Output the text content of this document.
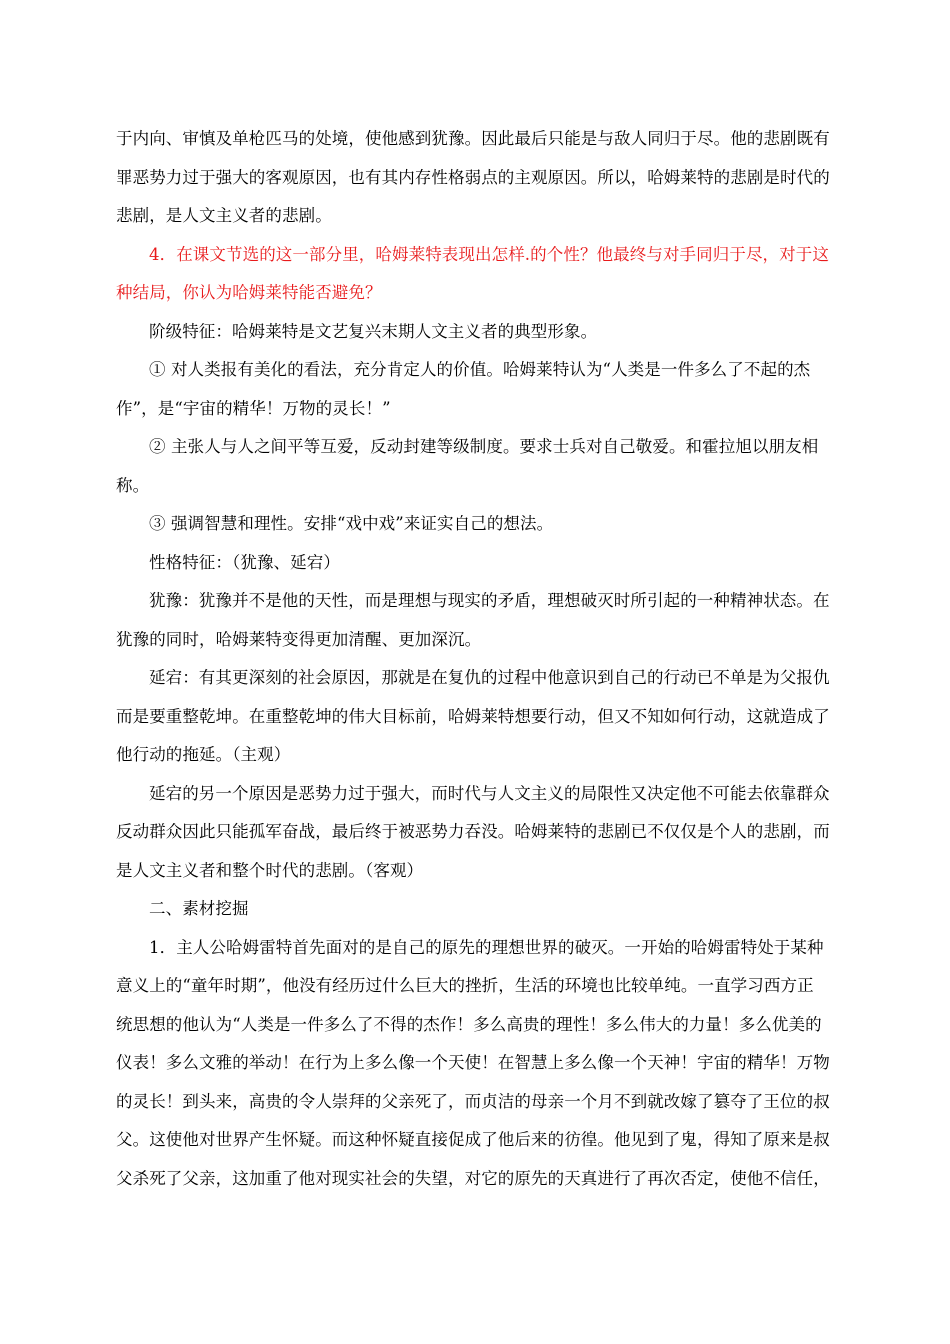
于内向、审慎及单枪匹马的处境，使他感到犹豫。因此最后只能是与敌人同归于尽。他的悲剧既有
罪恶势力过于强大的客观原因，也有其内存性格弱点的主观原因。所以，哈姆莱特的悲剧是时代的
悲剧，是人文主义者的悲剧。
4．在课文节选的这一部分里，哈姆莱特表现出怎样.的个性？他最终与对手同归于尽，对于这
种结局，你认为哈姆莱特能否避免？
阶级特征：哈姆莱特是文艺复兴末期人文主义者的典型形象。
① 对人类报有美化的看法，充分肯定人的价值。哈姆莱特认为“人类是一件多么了不起的杰
作”，是“宇宙的精华！万物的灵长！”
② 主张人与人之间平等互爱，反动封建等级制度。要求士兵对自己敬爱。和霍拉旭以朋友相
称。
③ 强调智慧和理性。安排“戏中戏”来证实自己的想法。
性格特征：（犹豫、延宕）
犹豫：犹豫并不是他的天性，而是理想与现实的矛盾，理想破灭时所引起的一种精神状态。在
犹豫的同时，哈姆莱特变得更加清醒、更加深沉。
延宕：有其更深刻的社会原因，那就是在复仇的过程中他意识到自己的行动已不单是为父报仇
而是要重整乾坤。在重整乾坤的伟大目标前，哈姆莱特想要行动，但又不知如何行动，这就造成了
他行动的拖延。（主观）
延宕的另一个原因是恶势力过于强大，而时代与人文主义的局限性又决定他不可能去依靠群众
反动群众因此只能孤军奋战，最后终于被恶势力吞没。哈姆莱特的悲剧已不仅仅是个人的悲剧，而
是人文主义者和整个时代的悲剧。（客观）
二、素材挖掘
1．主人公哈姆雷特首先面对的是自己的原先的理想世界的破灭。一开始的哈姆雷特处于某种
意义上的“童年时期”，他没有经历过什么巨大的挫折，生活的环境也比较单纯。一直学习西方正
统思想的他认为“人类是一件多么了不得的杰作！多么高贵的理性！多么伟大的力量！多么优美的
仪表！多么文雅的举动！在行为上多么像一个天使！在智慧上多么像一个天神！宇宙的精华！万物
的灵长！到头来，高贵的令人崇拜的父亲死了，而贞洁的母亲一个月不到就改嫁了篡夺了王位的叔
父。这使他对世界产生怀疑。而这种怀疑直接促成了他后来的彷徨。他见到了鬼，得知了原来是叔
父杀死了父亲，这加重了他对现实社会的失望，对它的原先的天真进行了再次否定，使他不信任，
